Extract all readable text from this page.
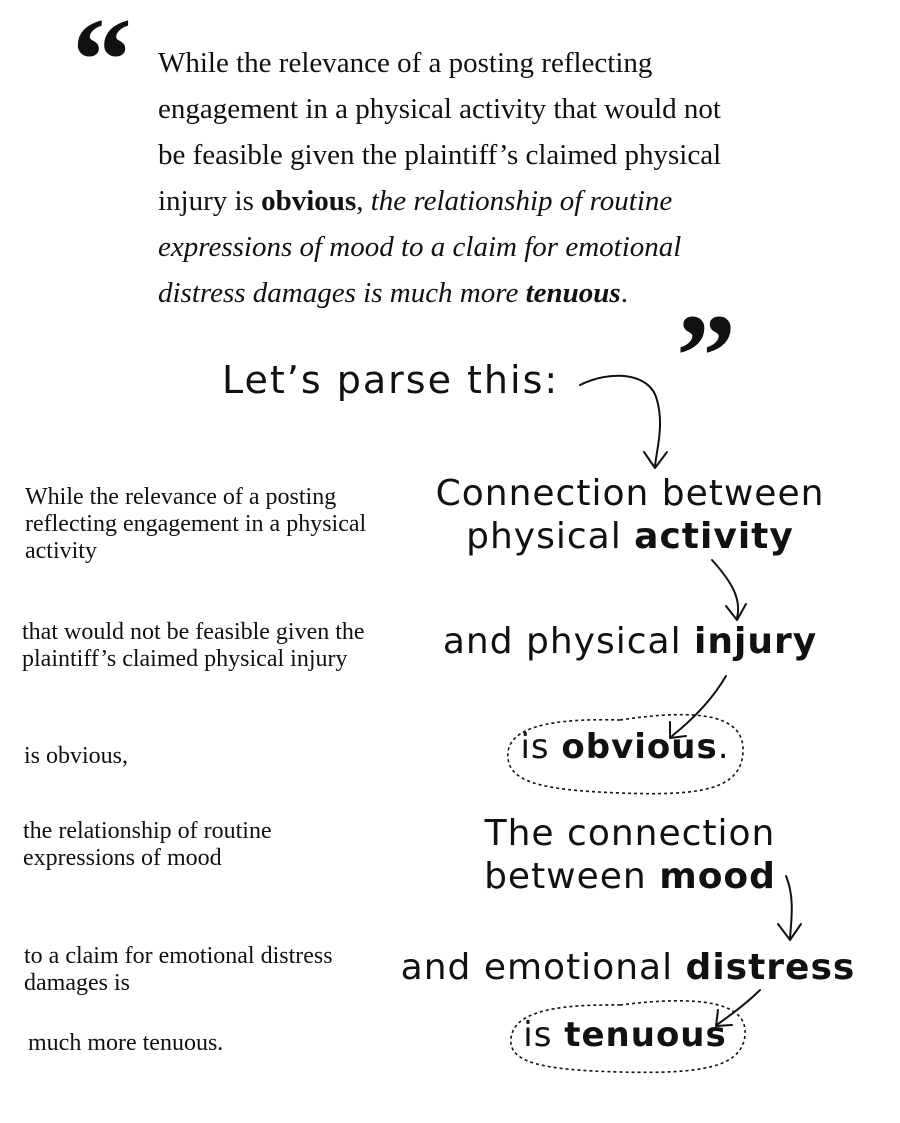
“
”
While the relevance of a posting reflecting engagement in a physical activity that would not be feasible given the plaintiff’s claimed physical injury is obvious, the relationship of routine expressions of mood to a claim for emotional distress damages is much more tenuous.
Let’s parse this:
While the relevance of a posting reflecting engagement in a physical activity
that would not be feasible given the plaintiff’s claimed physical injury
is obvious,
the relationship of routine expressions of mood
to a claim for emotional distress damages is
much more tenuous.
Connection between
physical activity
and physical injury
is obvious.
The connection
between mood
and emotional distress
is tenuous
